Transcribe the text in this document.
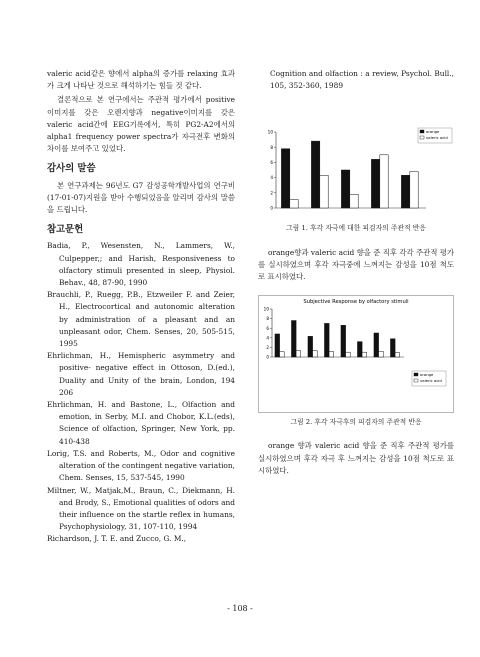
valeric acid같은 향에서 alpha의 증가를 relaxing 효과가 크게 나타난 것으로 해석하기는 힘들 것 같다.

결론적으로 본 연구에서는 주관적 평가에서 positive 이미지를 갖은 오렌지향과 negative이미지를 갖은 valeric acid간에 EEG기록에서, 특히 PG2-A2에서의 alpha1 frequency power spectra가 자극전후 변화의 차이를 보여주고 있었다.

감사의 말씀

본 연구과제는 96년도 G7 감성공학개발사업의 연구비(17-01-07)지원을 받아 수행되었음을 알리며 감사의 말씀을 드립니다.

참고문헌

Badia, P., Wesensten, N., Lammers, W., Culpepper,; and Harish, Responsiveness to olfactory stimuli presented in sleep, Physiol. Behav., 48, 87-90, 1990

Brauchli, P., Ruegg, P.B., Etzweiler F. and Zeier, H., Electrocortical and autonomic alteration by administration of a pleasant and an unpleasant odor, Chem. Senses, 20, 505-515, 1995

Ehrlichman, H., Hemispheric asymmetry and positive- negative effect in Ottoson, D.(ed.), Duality and Unity of the brain, London, 194 206

Ehrlichman, H. and Bastone, L., Olfaction and emotion, in Serby, M.I. and Chobor, K.L.(eds), Science of olfaction, Springer, New York, pp. 410-438

Lorig, T.S. and Roberts, M., Odor and cognitive alteration of the contingent negative variation, Chem. Senses, 15, 537-545, 1990

Miltner, W., Matjak,M., Braun, C., Diekmann, H. and Brody, S., Emotional qualities of odors and their influence on the startle reflex in humans, Psychophysiology, 31, 107-110, 1994

Richardson, J. T. E. and Zucco, G. M.,

Cognition and olfaction : a review, Psychol. Bull., 105, 352-360, 1989

0
2
4
6
8
10	orange
valeric acid
그림 1. 후각 자극에 대한 피검자의 주관적 반응

orange향과 valeric acid 향을 준 직후 각각 주관적 평가를 실시하였으며 후각 자극중에 느껴지는 감성을 10점 척도로 표시하였다.

Subjective Response by olfactory stimuli
0
2
4
6
8
10
orange
valeric acid
그림 2. 후각 자극후의 피검자의 주관적 반응

orange 향과 valeric acid 향을 준 직후 주관적 평가를 실시하였으며 후각 자극 후 느껴지는 감성을 10점 척도로 표시하였다.

- 108 -
